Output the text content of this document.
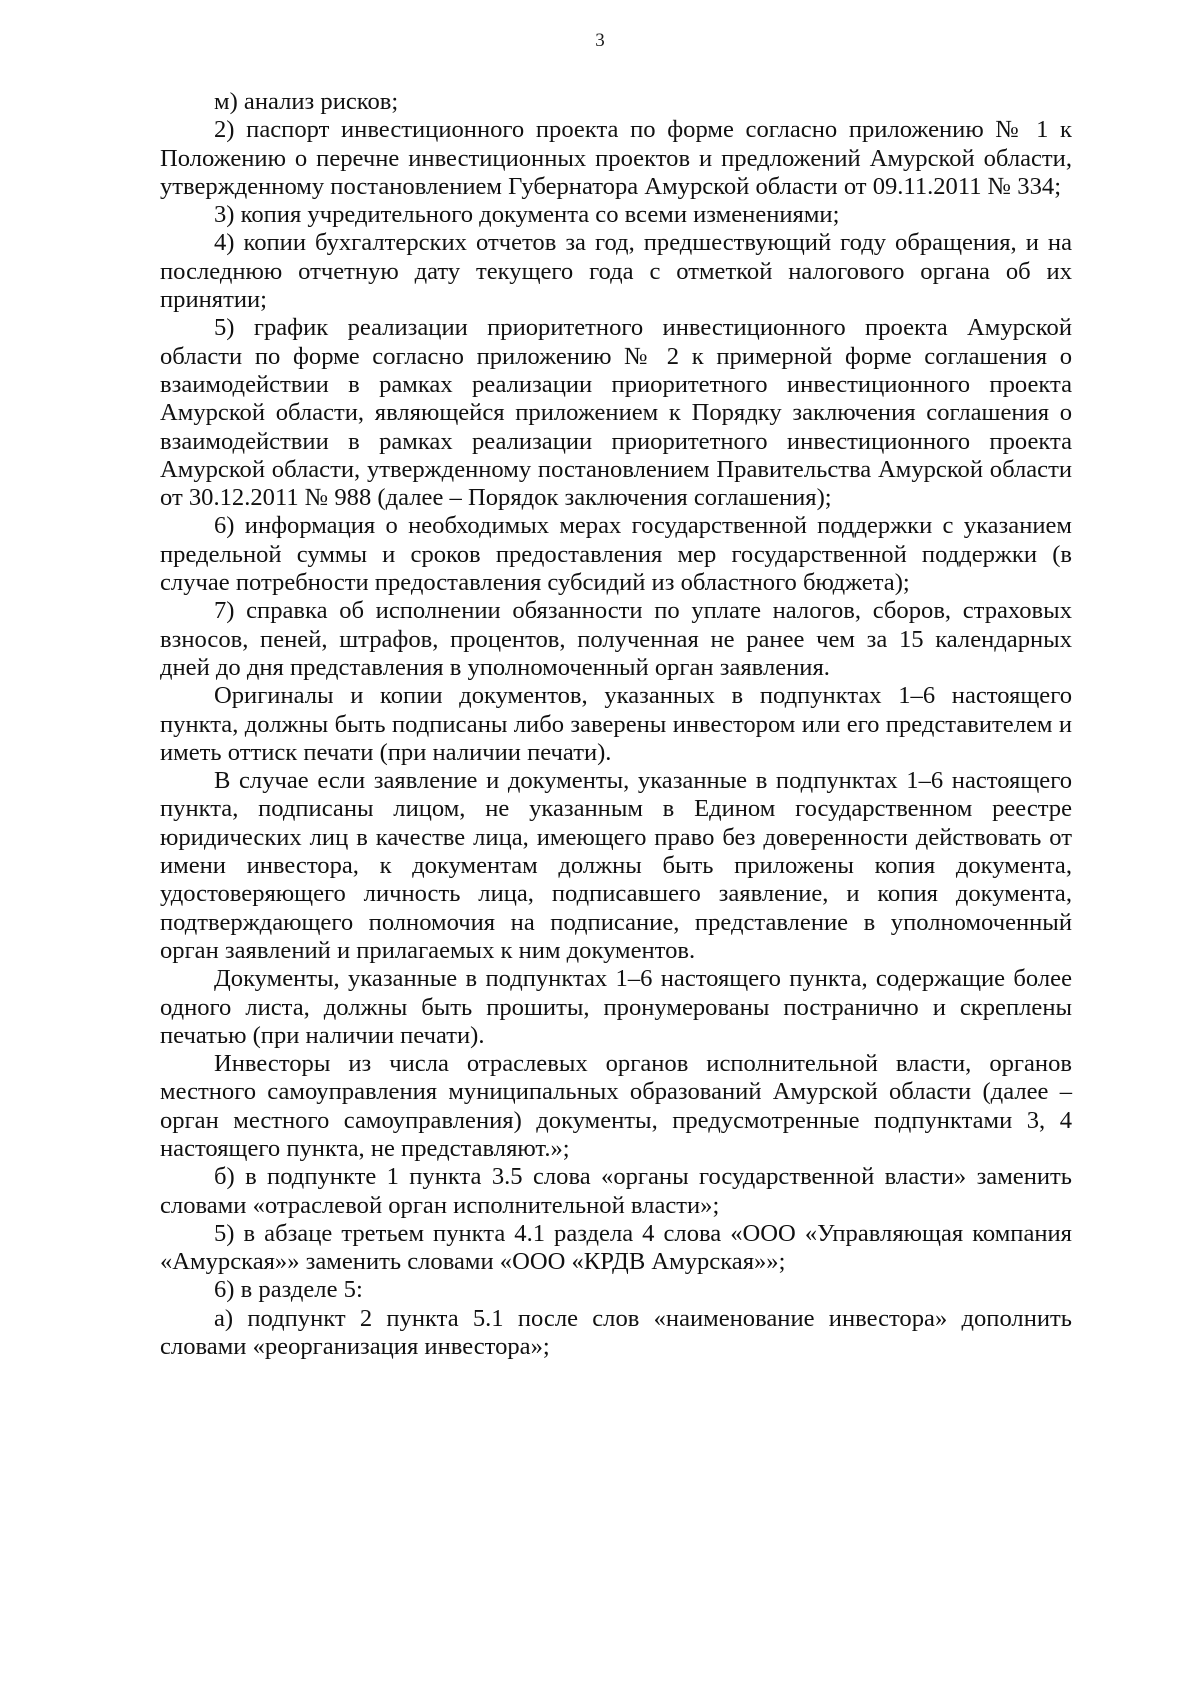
3

м) анализ рисков;

2) паспорт инвестиционного проекта по форме согласно приложению № 1 к Положению о перечне инвестиционных проектов и предложений Амурской области, утвержденному постановлением Губернатора Амурской области от 09.11.2011 № 334;

3) копия учредительного документа со всеми изменениями;

4) копии бухгалтерских отчетов за год, предшествующий году обращения, и на последнюю отчетную дату текущего года с отметкой налогового органа об их принятии;

5) график реализации приоритетного инвестиционного проекта Амурской области по форме согласно приложению № 2 к примерной форме соглашения о взаимодействии в рамках реализации приоритетного инвестиционного проекта Амурской области, являющейся приложением к Порядку заключения соглашения о взаимодействии в рамках реализации приоритетного инвестиционного проекта Амурской области, утвержденному постановлением Правительства Амурской области от 30.12.2011 № 988 (далее – Порядок заключения соглашения);

6) информация о необходимых мерах государственной поддержки с указанием предельной суммы и сроков предоставления мер государственной поддержки (в случае потребности предоставления субсидий из областного бюджета);

7) справка об исполнении обязанности по уплате налогов, сборов, страховых взносов, пеней, штрафов, процентов, полученная не ранее чем за 15 календарных дней до дня представления в уполномоченный орган заявления.

Оригиналы и копии документов, указанных в подпунктах 1–6 настоящего пункта, должны быть подписаны либо заверены инвестором или его представителем и иметь оттиск печати (при наличии печати).

В случае если заявление и документы, указанные в подпунктах 1–6 настоящего пункта, подписаны лицом, не указанным в Едином государственном реестре юридических лиц в качестве лица, имеющего право без доверенности действовать от имени инвестора, к документам должны быть приложены копия документа, удостоверяющего личность лица, подписавшего заявление, и копия документа, подтверждающего полномочия на подписание, представление в уполномоченный орган заявлений и прилагаемых к ним документов.

Документы, указанные в подпунктах 1–6 настоящего пункта, содержащие более одного листа, должны быть прошиты, пронумерованы постранично и скреплены печатью (при наличии печати).

Инвесторы из числа отраслевых органов исполнительной власти, органов местного самоуправления муниципальных образований Амурской области (далее – орган местного самоуправления) документы, предусмотренные подпунктами 3, 4 настоящего пункта, не представляют.»;

б) в подпункте 1 пункта 3.5 слова «органы государственной власти» заменить словами «отраслевой орган исполнительной власти»;

5) в абзаце третьем пункта 4.1 раздела 4 слова «ООО «Управляющая компания «Амурская»» заменить словами «ООО «КРДВ Амурская»»;

6) в разделе 5:

а) подпункт 2 пункта 5.1 после слов «наименование инвестора» дополнить словами «реорганизация инвестора»;
